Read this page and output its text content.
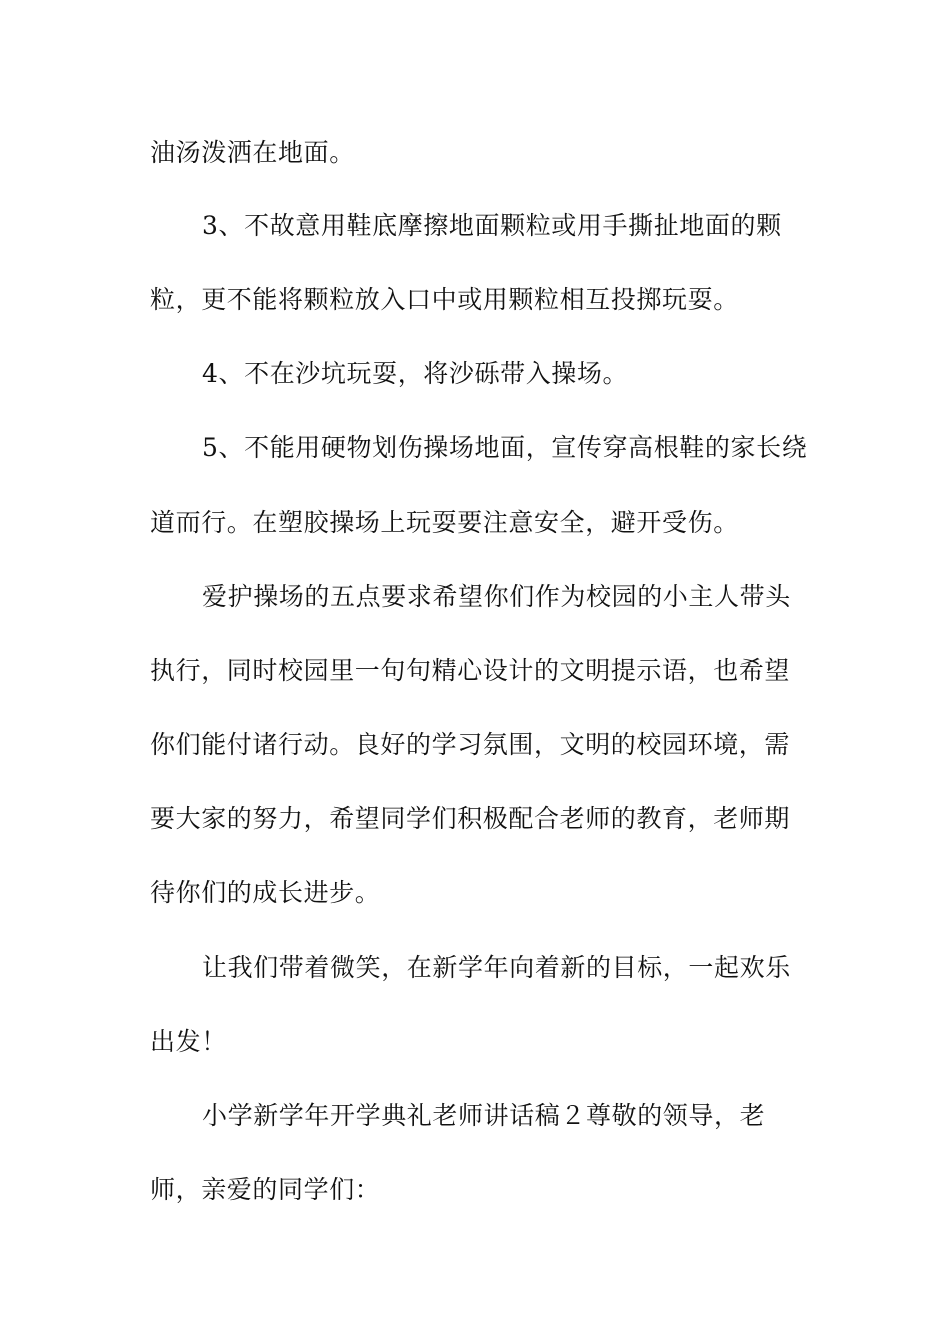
油汤泼洒在地面。
3、不故意用鞋底摩擦地面颗粒或用手撕扯地面的颗
粒，更不能将颗粒放入口中或用颗粒相互投掷玩耍。
4、不在沙坑玩耍，将沙砾带入操场。
5、不能用硬物划伤操场地面，宣传穿高根鞋的家长绕
道而行。在塑胶操场上玩耍要注意安全，避开受伤。
爱护操场的五点要求希望你们作为校园的小主人带头
执行，同时校园里一句句精心设计的文明提示语，也希望
你们能付诸行动。良好的学习氛围，文明的校园环境，需
要大家的努力，希望同学们积极配合老师的教育，老师期
待你们的成长进步。
让我们带着微笑，在新学年向着新的目标，一起欢乐
出发！
小学新学年开学典礼老师讲话稿２尊敬的领导，老
师，亲爱的同学们：
